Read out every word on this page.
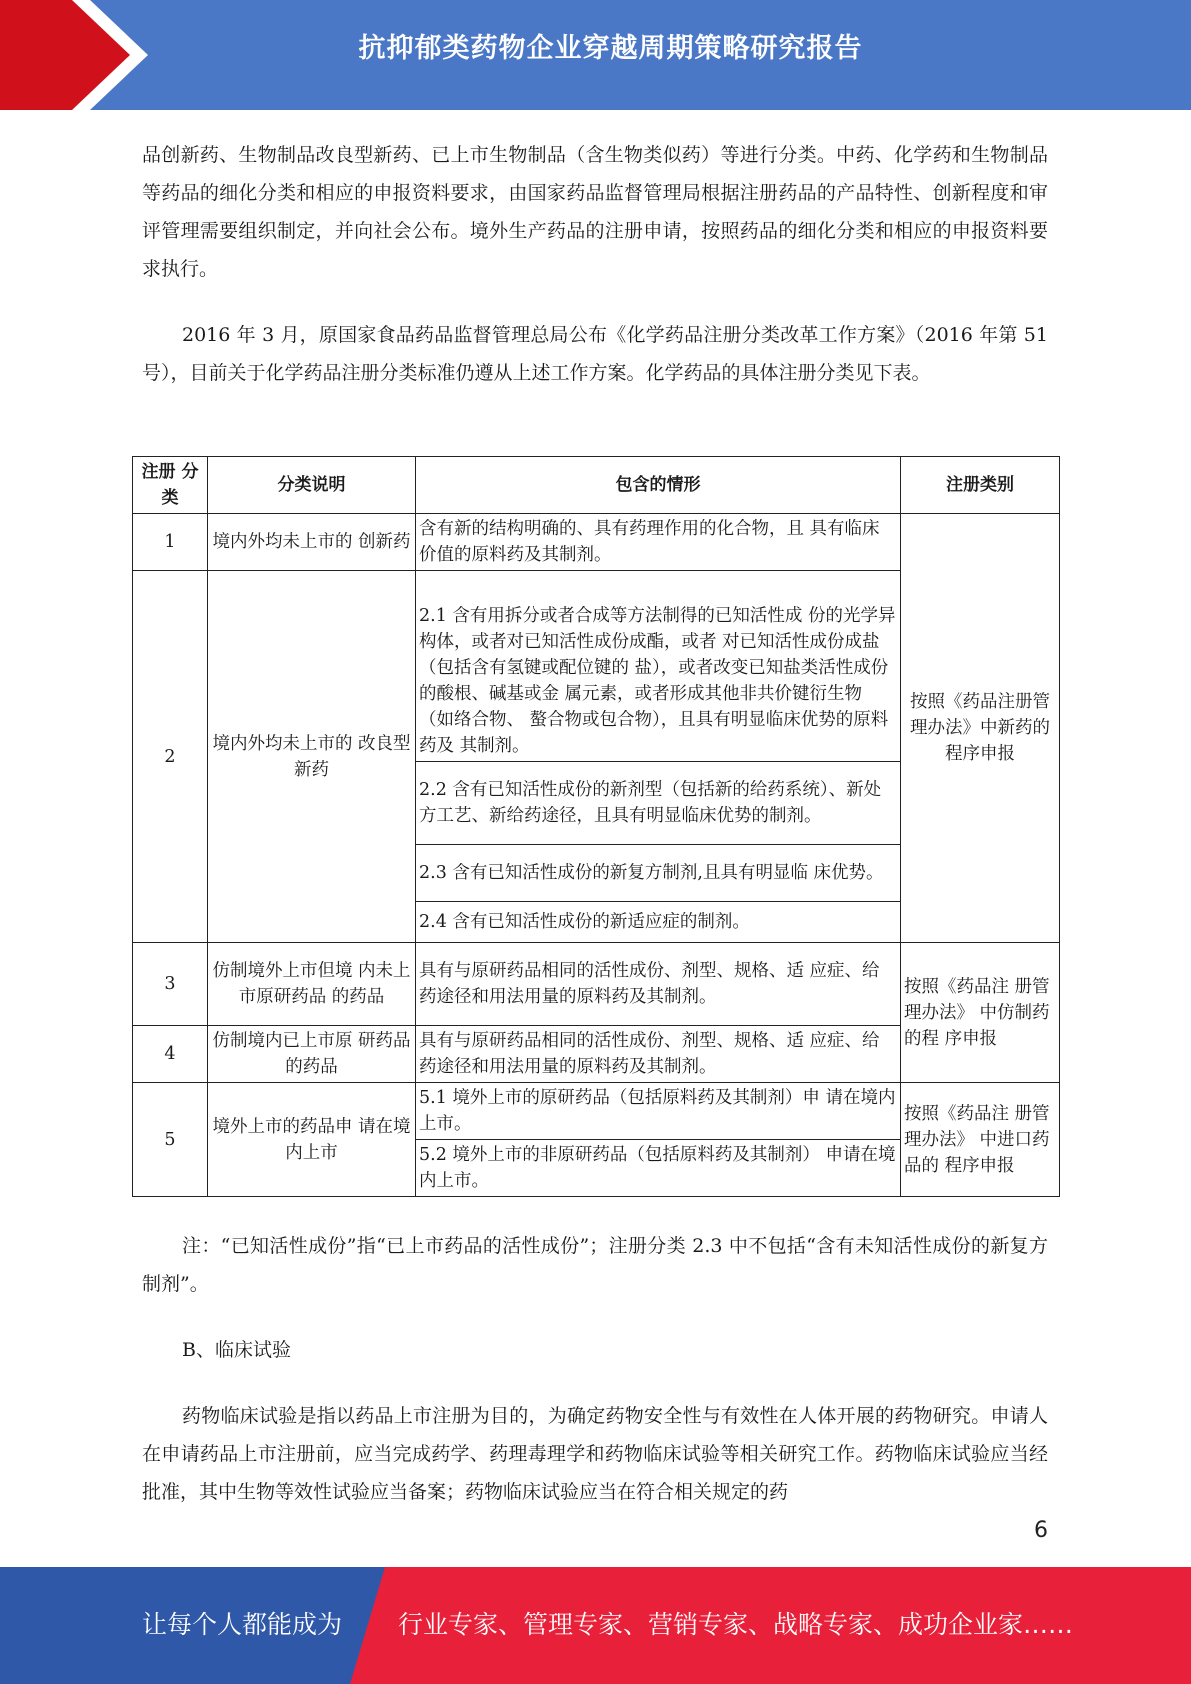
抗抑郁类药物企业穿越周期策略研究报告

品创新药、生物制品改良型新药、已上市生物制品（含生物类似药）等进行分类。中药、化学药和生物制品等药品的细化分类和相应的申报资料要求，由国家药品监督管理局根据注册药品的产品特性、创新程度和审评管理需要组织制定，并向社会公布。境外生产药品的注册申请，按照药品的细化分类和相应的申报资料要求执行。

2016 年 3 月，原国家食品药品监督管理总局公布《化学药品注册分类改革工作方案》（2016 年第 51 号），目前关于化学药品注册分类标准仍遵从上述工作方案。化学药品的具体注册分类见下表。

注册 分类	分类说明	包含的情形	注册类别
1	境内外均未上市的 创新药	含有新的结构明确的、具有药理作用的化合物，且 具有临床价值的原料药及其制剂。	按照《药品注册管理办法》中新药的程序申报
2	境内外均未上市的 改良型新药	2.1 含有用拆分或者合成等方法制得的已知活性成 份的光学异构体，或者对已知活性成份成酯，或者 对已知活性成份成盐（包括含有氢键或配位键的 盐），或者改变已知盐类活性成份的酸根、碱基或金 属元素，或者形成其他非共价键衍生物（如络合物、 螯合物或包合物），且具有明显临床优势的原料药及 其制剂。	
		2.2 含有已知活性成份的新剂型（包括新的给药系统）、新处方工艺、新给药途径，且具有明显临床优势的制剂。	
		2.3 含有已知活性成份的新复方制剂,且具有明显临 床优势。	
		2.4 含有已知活性成份的新适应症的制剂。	
3	仿制境外上市但境 内未上市原研药品 的药品	具有与原研药品相同的活性成份、剂型、规格、适 应症、给药途径和用法用量的原料药及其制剂。	按照《药品注 册管理办法》 中仿制药的程 序申报
4	仿制境内已上市原 研药品的药品	具有与原研药品相同的活性成份、剂型、规格、适 应症、给药途径和用法用量的原料药及其制剂。	
5	境外上市的药品申 请在境内上市	5.1 境外上市的原研药品（包括原料药及其制剂）申 请在境内上市。	按照《药品注 册管理办法》 中进口药品的 程序申报
		5.2 境外上市的非原研药品（包括原料药及其制剂） 申请在境内上市。	

注：“已知活性成份”指“已上市药品的活性成份”；注册分类 2.3 中不包括“含有未知活性成份的新复方制剂”。

B、临床试验

药物临床试验是指以药品上市注册为目的，为确定药物安全性与有效性在人体开展的药物研究。申请人在申请药品上市注册前，应当完成药学、药理毒理学和药物临床试验等相关研究工作。药物临床试验应当经批准，其中生物等效性试验应当备案；药物临床试验应当在符合相关规定的药

6
让每个人都能成为 行业专家、管理专家、营销专家、战略专家、成功企业家……
